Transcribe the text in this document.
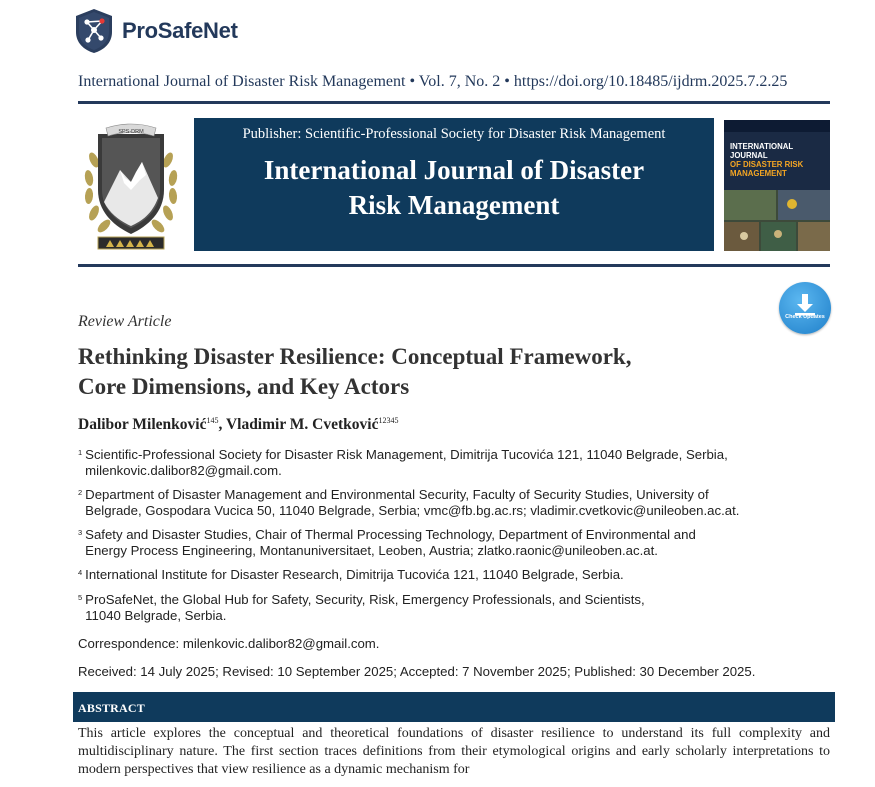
ProSafeNet
International Journal of Disaster Risk Management • Vol. 7, No. 2 • https://doi.org/10.18485/ijdrm.2025.7.2.25
SPS-DRM	Publisher: Scientific-Professional Society for Disaster Risk Management
International Journal of Disaster
Risk Management
INTERNATIONAL JOURNAL
OF DISASTER RISK
MANAGEMENT
Check Updates
Review Article
Rethinking Disaster Resilience: Conceptual Framework,
Core Dimensions, and Key Actors
Dalibor Milenković$^{145}$, Vladimir M. Cvetković$^{12345}$
$^1$ Scientific-Professional Society for Disaster Risk Management, Dimitrija Tucovića 121, 11040 Belgrade, Serbia,
milenkovic.dalibor82@gmail.com.
$^2$ Department of Disaster Management and Environmental Security, Faculty of Security Studies, University of
Belgrade, Gospodara Vucica 50, 11040 Belgrade, Serbia; vmc@fb.bg.ac.rs; vladimir.cvetkovic@unileoben.ac.at.
$^3$ Safety and Disaster Studies, Chair of Thermal Processing Technology, Department of Environmental and
Energy Process Engineering, Montanuniversitaet, Leoben, Austria; zlatko.raonic@unileoben.ac.at.
$^4$ International Institute for Disaster Research, Dimitrija Tucovića 121, 11040 Belgrade, Serbia.
$^5$ ProSafeNet, the Global Hub for Safety, Security, Risk, Emergency Professionals, and Scientists,
11040 Belgrade, Serbia.
Correspondence: milenkovic.dalibor82@gmail.com.
Received: 14 July 2025; Revised: 10 September 2025; Accepted: 7 November 2025; Published: 30 December 2025.
ABSTRACT
This article explores the conceptual and theoretical foundations of disaster resilience to understand its full complexity and multidisciplinary nature. The first section traces definitions from their etymological origins and early scholarly interpretations to modern perspectives that view resilience as a dynamic mechanism for
